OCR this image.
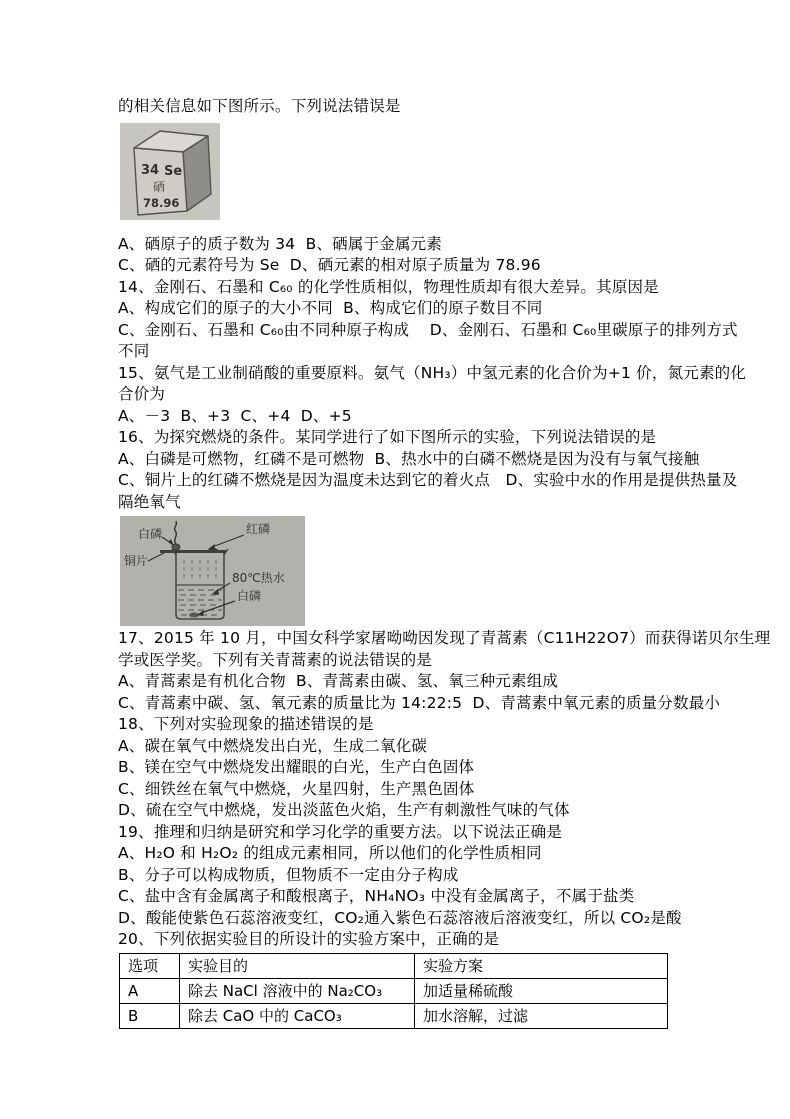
的相关信息如下图所示。下列说法错误是
34 Se
硒
78.96
A、硒原子的质子数为 34  B、硒属于金属元素
C、硒的元素符号为 Se  D、硒元素的相对原子质量为 78.96
14、金刚石、石墨和 C₆₀ 的化学性质相似，物理性质却有很大差异。其原因是
A、构成它们的原子的大小不同  B、构成它们的原子数目不同
C、金刚石、石墨和 C₆₀由不同种原子构成    D、金刚石、石墨和 C₆₀里碳原子的排列方式
不同
15、氨气是工业制硝酸的重要原料。氨气（NH₃）中氢元素的化合价为+1 价，氮元素的化
合价为
A、－3  B、+3  C、+4  D、+5
16、为探究燃烧的条件。某同学进行了如下图所示的实验，下列说法错误的是
A、白磷是可燃物，红磷不是可燃物  B、热水中的白磷不燃烧是因为没有与氧气接触
C、铜片上的红磷不燃烧是因为温度未达到它的着火点   D、实验中水的作用是提供热量及
隔绝氧气
白磷	红磷
铜片
80℃热水
白磷
17、2015 年 10 月，中国女科学家屠呦呦因发现了青蒿素（C11H22O7）而获得诺贝尔生理
学或医学奖。下列有关青蒿素的说法错误的是
A、青蒿素是有机化合物  B、青蒿素由碳、氢、氧三种元素组成
C、青蒿素中碳、氢、氧元素的质量比为 14:22:5  D、青蒿素中氧元素的质量分数最小
18、下列对实验现象的描述错误的是
A、碳在氧气中燃烧发出白光，生成二氧化碳
B、镁在空气中燃烧发出耀眼的白光，生产白色固体
C、细铁丝在氧气中燃烧，火星四射，生产黑色固体
D、硫在空气中燃烧，发出淡蓝色火焰，生产有刺激性气味的气体
19、推理和归纳是研究和学习化学的重要方法。以下说法正确是
A、H₂O 和 H₂O₂ 的组成元素相同，所以他们的化学性质相同
B、分子可以构成物质，但物质不一定由分子构成
C、盐中含有金属离子和酸根离子，NH₄NO₃ 中没有金属离子，不属于盐类
D、酸能使紫色石蕊溶液变红，CO₂通入紫色石蕊溶液后溶液变红，所以 CO₂是酸
20、下列依据实验目的所设计的实验方案中，正确的是
选项	实验目的	实验方案
A	除去 NaCl 溶液中的 Na₂CO₃	加适量稀硫酸
B	除去 CaO 中的 CaCO₃	加水溶解，过滤
